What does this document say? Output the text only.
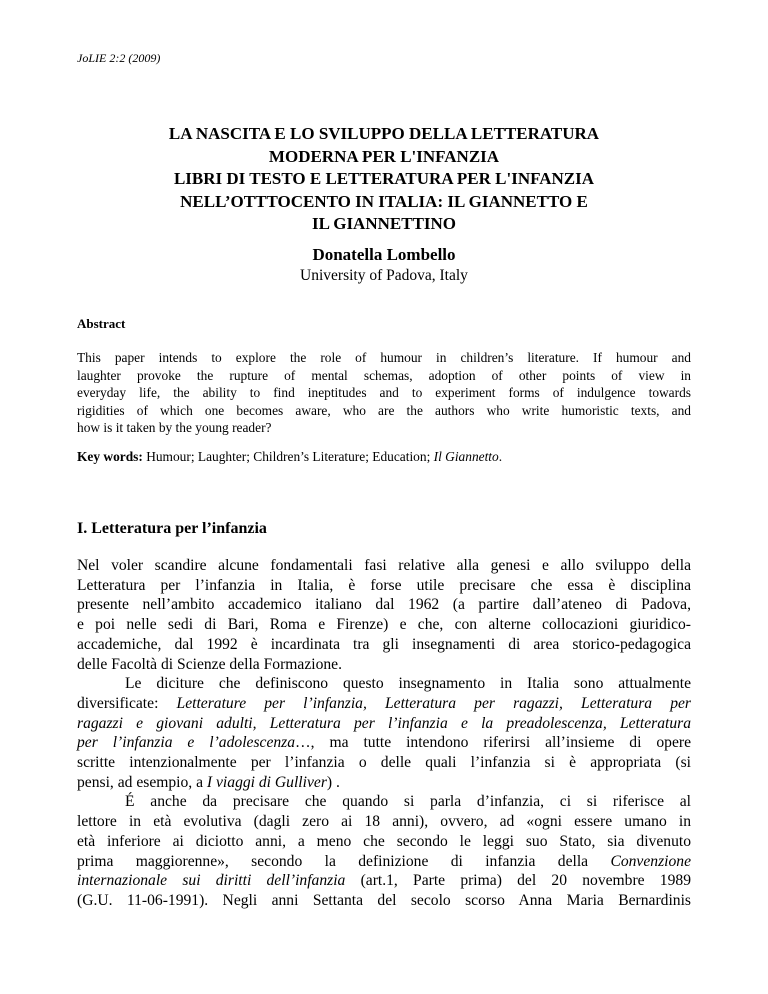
JoLIE 2:2 (2009)
LA NASCITA E LO SVILUPPO DELLA LETTERATURA
MODERNA PER L'INFANZIA
LIBRI DI TESTO E LETTERATURA PER L'INFANZIA
NELL’OTTTOCENTO IN ITALIA: IL GIANNETTO E
IL GIANNETTINO
Donatella Lombello
University of Padova, Italy
Abstract
This paper intends to explore the role of humour in children’s literature. If humour and
laughter provoke the rupture of mental schemas, adoption of other points of view in
everyday life, the ability to find ineptitudes and to experiment forms of indulgence towards
rigidities of which one becomes aware, who are the authors who write humoristic texts, and
how is it taken by the young reader?
Key words: Humour; Laughter; Children’s Literature; Education; Il Giannetto.
I. Letteratura per l’infanzia
Nel voler scandire alcune fondamentali fasi relative alla genesi e allo sviluppo della
Letteratura per l’infanzia in Italia, è forse utile precisare che essa è disciplina
presente nell’ambito accademico italiano dal 1962 (a partire dall’ateneo di Padova,
e poi nelle sedi di Bari, Roma e Firenze) e che, con alterne collocazioni giuridico-
accademiche, dal 1992 è incardinata tra gli insegnamenti di area storico-pedagogica
delle Facoltà di Scienze della Formazione.
Le diciture che definiscono questo insegnamento in Italia sono attualmente
diversificate: Letterature per l’infanzia, Letteratura per ragazzi, Letteratura per
ragazzi e giovani adulti, Letteratura per l’infanzia e la preadolescenza, Letteratura
per l’infanzia e l’adolescenza…, ma tutte intendono riferirsi all’insieme di opere
scritte intenzionalmente per l’infanzia o delle quali l’infanzia si è appropriata (si
pensi, ad esempio, a I viaggi di Gulliver) .
É anche da precisare che quando si parla d’infanzia, ci si riferisce al
lettore in età evolutiva (dagli zero ai 18 anni), ovvero, ad «ogni essere umano in
età inferiore ai diciotto anni, a meno che secondo le leggi suo Stato, sia divenuto
prima maggiorenne», secondo la definizione di infanzia della Convenzione
internazionale sui diritti dell’infanzia (art.1, Parte prima) del 20 novembre 1989
(G.U. 11-06-1991). Negli anni Settanta del secolo scorso Anna Maria Bernardinis
